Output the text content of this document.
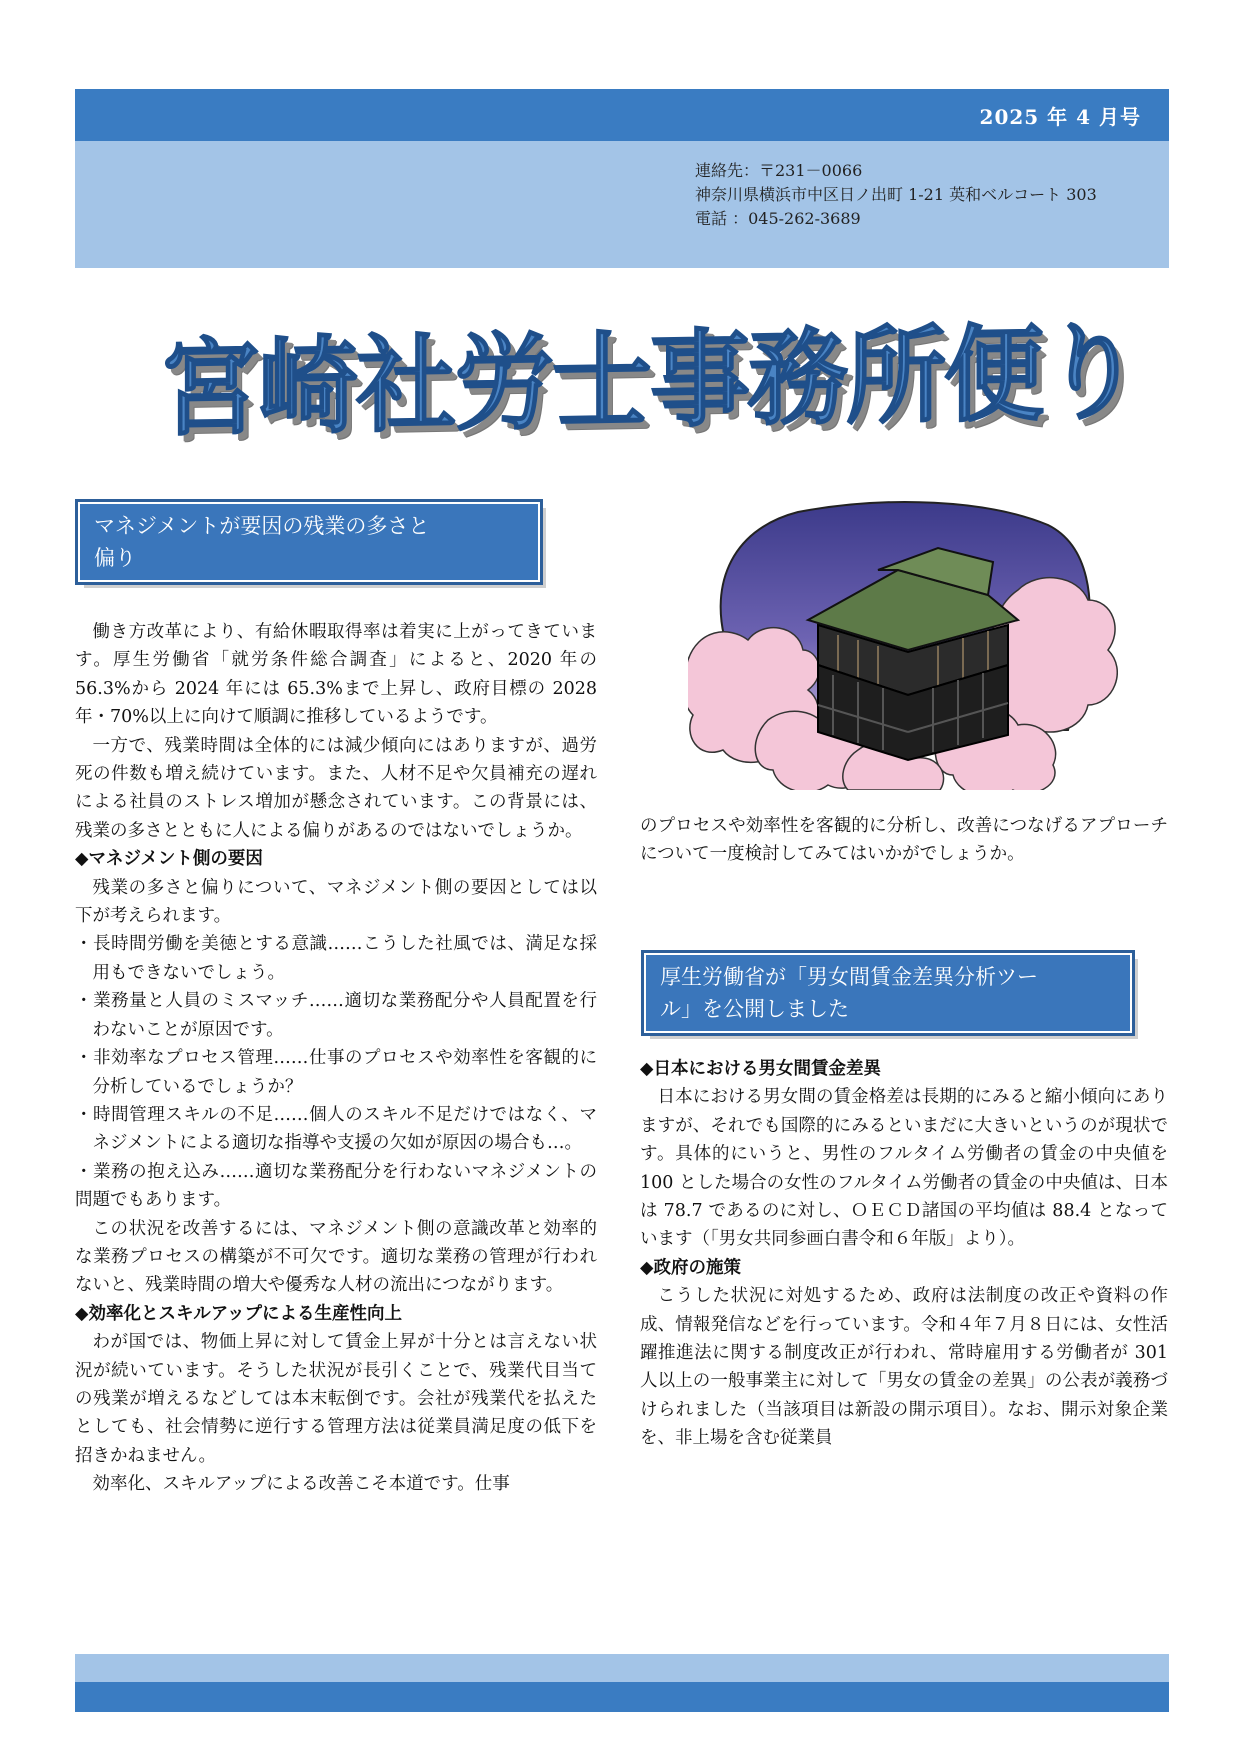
2025 年 4 月号
連絡先：〒231－0066
神奈川県横浜市中区日ノ出町 1-21 英和ベルコート 303
電話 ：045-262-3689
宮崎社労士事務所便り
マネジメントが要因の残業の多さと
偏り

働き方改革により、有給休暇取得率は着実に上がってきています。厚生労働省「就労条件総合調査」によると、2020 年の 56.3%から 2024 年には 65.3%まで上昇し、政府目標の 2028 年・70%以上に向けて順調に推移しているようです。

一方で、残業時間は全体的には減少傾向にはありますが、過労死の件数も増え続けています。また、人材不足や欠員補充の遅れによる社員のストレス増加が懸念されています。この背景には、残業の多さとともに人による偏りがあるのではないでしょうか。

◆マネジメント側の要因

残業の多さと偏りについて、マネジメント側の要因としては以下が考えられます。

・長時間労働を美徳とする意識……こうした社風では、満足な採用もできないでしょう。

・業務量と人員のミスマッチ……適切な業務配分や人員配置を行わないことが原因です。

・非効率なプロセス管理……仕事のプロセスや効率性を客観的に分析しているでしょうか？

・時間管理スキルの不足……個人のスキル不足だけではなく、マネジメントによる適切な指導や支援の欠如が原因の場合も…。

・業務の抱え込み……適切な業務配分を行わないマネジメントの問題でもあります。

この状況を改善するには、マネジメント側の意識改革と効率的な業務プロセスの構築が不可欠です。適切な業務の管理が行われないと、残業時間の増大や優秀な人材の流出につながります。

◆効率化とスキルアップによる生産性向上

わが国では、物価上昇に対して賃金上昇が十分とは言えない状況が続いています。そうした状況が長引くことで、残業代目当ての残業が増えるなどしては本末転倒です。会社が残業代を払えたとしても、社会情勢に逆行する管理方法は従業員満足度の低下を招きかねません。

効率化、スキルアップによる改善こそ本道です。仕事

のプロセスや効率性を客観的に分析し、改善につなげるアプローチについて一度検討してみてはいかがでしょうか。

厚生労働省が「男女間賃金差異分析ツー
ル」を公開しました

◆日本における男女間賃金差異

日本における男女間の賃金格差は長期的にみると縮小傾向にありますが、それでも国際的にみるといまだに大きいというのが現状です。具体的にいうと、男性のフルタイム労働者の賃金の中央値を 100 とした場合の女性のフルタイム労働者の賃金の中央値は、日本は 78.7 であるのに対し、ＯＥＣＤ諸国の平均値は 88.4 となっています（「男女共同参画白書令和６年版」より）。

◆政府の施策

こうした状況に対処するため、政府は法制度の改正や資料の作成、情報発信などを行っています。令和４年７月８日には、女性活躍推進法に関する制度改正が行われ、常時雇用する労働者が 301 人以上の一般事業主に対して「男女の賃金の差異」の公表が義務づけられました（当該項目は新設の開示項目）。なお、開示対象企業を、非上場を含む従業員
